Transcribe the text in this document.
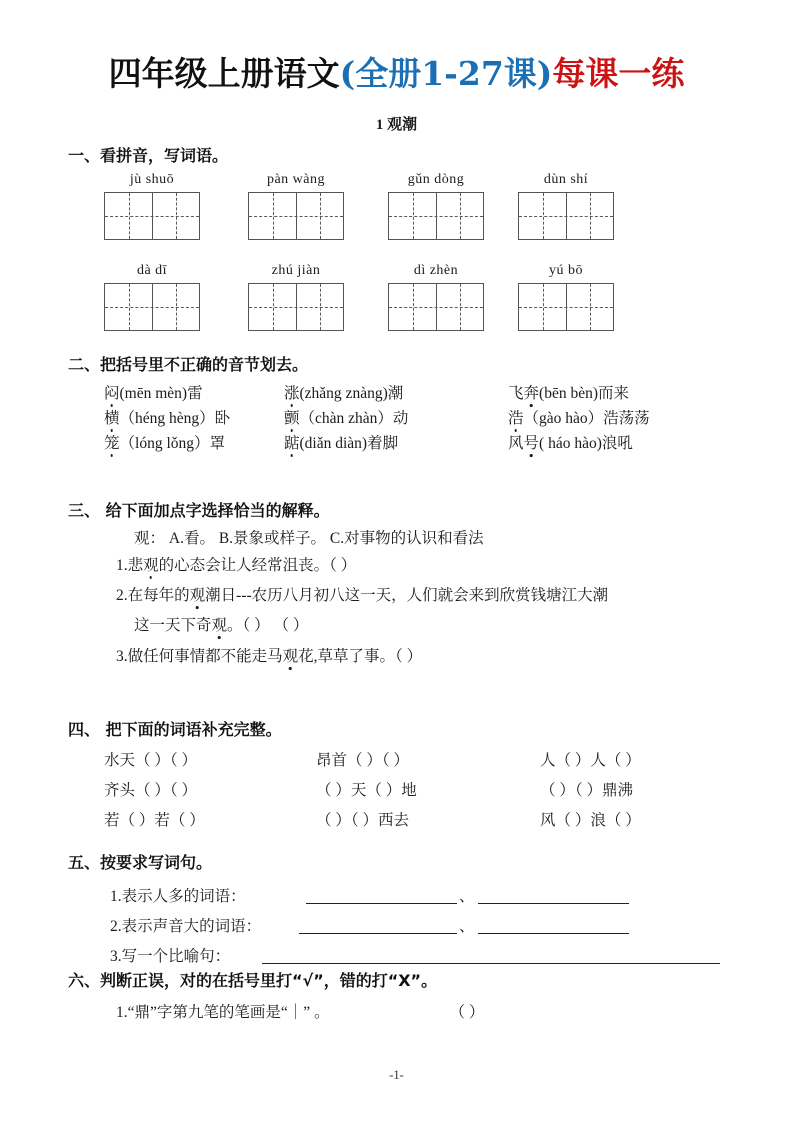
四年级上册语文(全册1-27课)每课一练
1 观潮
一、看拼音，写词语。
jù shuō	pàn wàng	gǔn dòng	dùn shí
dà dī	zhú jiàn	dì zhèn	yú bō
二、把括号里不正确的音节划去。
闷(mēn mèn)雷	涨(zhǎng znàng)潮	飞奔(bēn bèn)而来
横（héng hèng）卧	颤（chàn zhàn）动	浩（gào hào）浩荡荡
笼（lóng lǒng）罩	踮(diǎn diàn)着脚	风号( háo hào)浪吼
三、 给下面加点字选择恰当的解释。
观： A.看。 B.景象或样子。 C.对事物的认识和看法
1.悲观的心态会让人经常沮丧。（ ）
2.在每年的观潮日---农历八月初八这一天，人们就会来到欣赏钱塘江大潮
这一天下奇观。（ ） （ ）
3.做任何事情都不能走马观花,草草了事。（ ）
四、 把下面的词语补充完整。
水天（ ）（ ）	昂首（ ）（ ）	人（ ）人（ ）
齐头（ ）（ ）	（ ）天（ ）地	（ ）（ ）鼎沸
若（ ）若（ ）	（ ）（ ）西去	风（ ）浪（ ）
五、按要求写词句。
1.表示人多的词语：	、
2.表示声音大的词语：	、
3.写一个比喻句：
六、判断正误，对的在括号里打“√”，错的打“X”。
1.“鼎”字第九笔的笔画是“｜” 。	（ ）
-1-
